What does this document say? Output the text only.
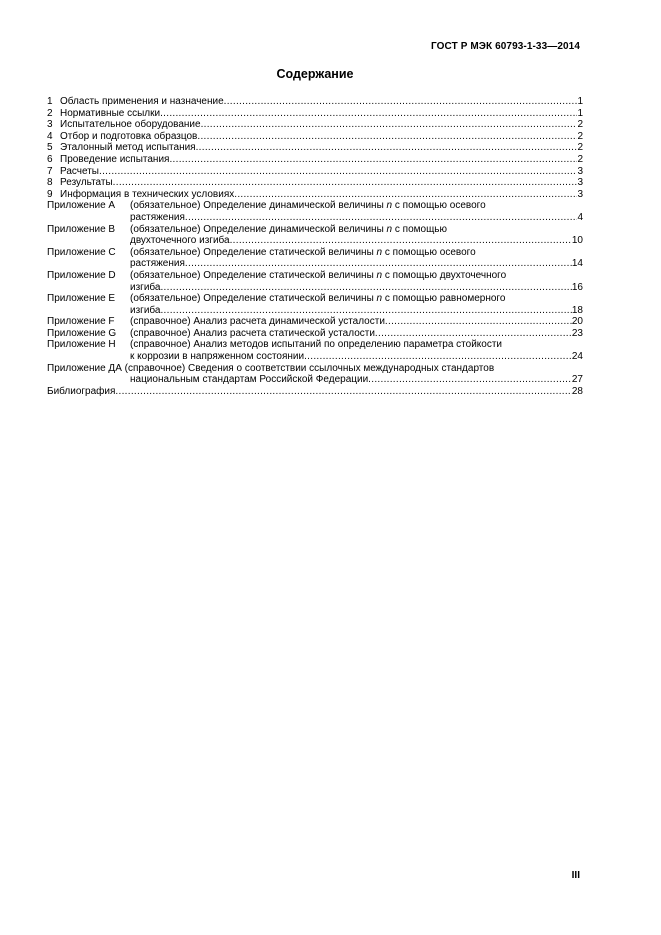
ГОСТ Р МЭК 60793-1-33—2014
Содержание
1 Область применения и назначение .....	1
2 Нормативные ссылки .....	1
3 Испытательное оборудование .....	2
4 Отбор и подготовка образцов .....	2
5 Эталонный метод испытания .....	2
6 Проведение испытания .....	2
7 Расчеты .....	3
8 Результаты .....	3
9 Информация в технических условиях .....	3
Приложение А	(обязательное) Определение динамической величины n с помощью осевого
растяжения .....	4
Приложение В	(обязательное) Определение динамической величины n с помощью
двухточечного изгиба .....	10
Приложение С	(обязательное) Определение статической величины n с помощью осевого
растяжения .....	14
Приложение D	(обязательное) Определение статической величины n с помощью двухточечного
изгиба .....	16
Приложение Е	(обязательное) Определение статической величины n с помощью равномерного
изгиба .....	18
Приложение F	(справочное) Анализ расчета динамической усталости .....	20
Приложение G	(справочное) Анализ расчета статической усталости .....	23
Приложение Н	(справочное) Анализ методов испытаний по определению параметра стойкости
к коррозии в напряженном состоянии .....	24
Приложение ДА (справочное) Сведения о соответствии ссылочных международных стандартов
национальным стандартам Российской Федерации .....	27
Библиография .....	28
III
